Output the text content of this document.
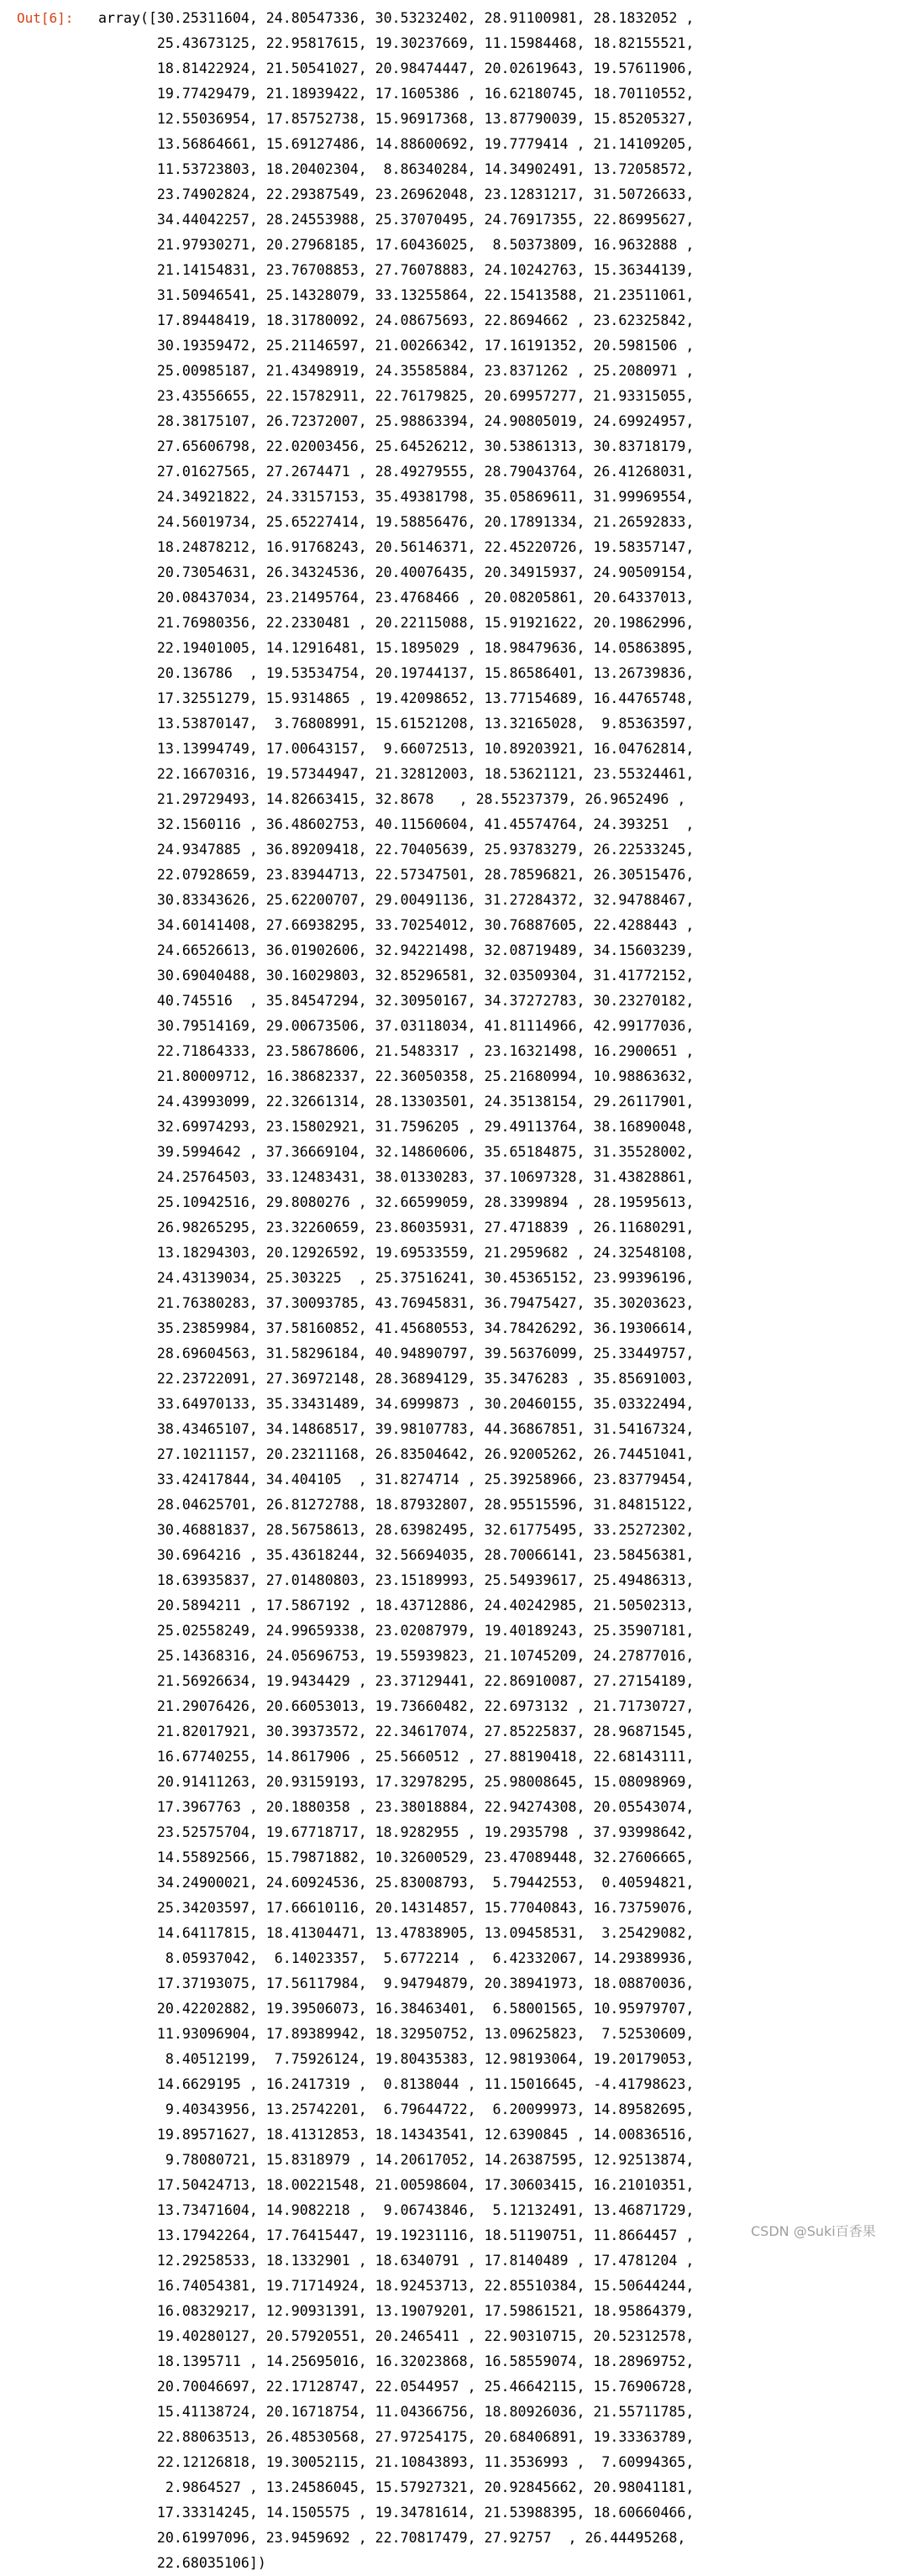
Out[6]: array([30.25311604, 24.80547336, 30.53232402, 28.91100981, 28.1832052 ,
25.43673125, 22.95817615, 19.30237669, 11.15984468, 18.82155521,
18.81422924, 21.50541027, 20.98474447, 20.02619643, 19.57611906,
19.77429479, 21.18939422, 17.1605386 , 16.62180745, 18.70110552,
12.55036954, 17.85752738, 15.96917368, 13.87790039, 15.85205327,
13.56864661, 15.69127486, 14.88600692, 19.7779414 , 21.14109205,
11.53723803, 18.20402304,  8.86340284, 14.34902491, 13.72058572,
23.74902824, 22.29387549, 23.26962048, 23.12831217, 31.50726633,
34.44042257, 28.24553988, 25.37070495, 24.76917355, 22.86995627,
21.97930271, 20.27968185, 17.60436025,  8.50373809, 16.9632888 ,
21.14154831, 23.76708853, 27.76078883, 24.10242763, 15.36344139,
31.50946541, 25.14328079, 33.13255864, 22.15413588, 21.23511061,
17.89448419, 18.31780092, 24.08675693, 22.8694662 , 23.62325842,
30.19359472, 25.21146597, 21.00266342, 17.16191352, 20.5981506 ,
25.00985187, 21.43498919, 24.35585884, 23.8371262 , 25.2080971 ,
23.43556655, 22.15782911, 22.76179825, 20.69957277, 21.93315055,
28.38175107, 26.72372007, 25.98863394, 24.90805019, 24.69924957,
27.65606798, 22.02003456, 25.64526212, 30.53861313, 30.83718179,
27.01627565, 27.2674471 , 28.49279555, 28.79043764, 26.41268031,
24.34921822, 24.33157153, 35.49381798, 35.05869611, 31.99969554,
24.56019734, 25.65227414, 19.58856476, 20.17891334, 21.26592833,
18.24878212, 16.91768243, 20.56146371, 22.45220726, 19.58357147,
20.73054631, 26.34324536, 20.40076435, 20.34915937, 24.90509154,
20.08437034, 23.21495764, 23.4768466 , 20.08205861, 20.64337013,
21.76980356, 22.2330481 , 20.22115088, 15.91921622, 20.19862996,
22.19401005, 14.12916481, 15.1895029 , 18.98479636, 14.05863895,
20.136786  , 19.53534754, 20.19744137, 15.86586401, 13.26739836,
17.32551279, 15.9314865 , 19.42098652, 13.77154689, 16.44765748,
13.53870147,  3.76808991, 15.61521208, 13.32165028,  9.85363597,
13.13994749, 17.00643157,  9.66072513, 10.89203921, 16.04762814,
22.16670316, 19.57344947, 21.32812003, 18.53621121, 23.55324461,
21.29729493, 14.82663415, 32.8678   , 28.55237379, 26.9652496 ,
32.1560116 , 36.48602753, 40.11560604, 41.45574764, 24.393251  ,
24.9347885 , 36.89209418, 22.70405639, 25.93783279, 26.22533245,
22.07928659, 23.83944713, 22.57347501, 28.78596821, 26.30515476,
30.83343626, 25.62200707, 29.00491136, 31.27284372, 32.94788467,
34.60141408, 27.66938295, 33.70254012, 30.76887605, 22.4288443 ,
24.66526613, 36.01902606, 32.94221498, 32.08719489, 34.15603239,
30.69040488, 30.16029803, 32.85296581, 32.03509304, 31.41772152,
40.745516  , 35.84547294, 32.30950167, 34.37272783, 30.23270182,
30.79514169, 29.00673506, 37.03118034, 41.81114966, 42.99177036,
22.71864333, 23.58678606, 21.5483317 , 23.16321498, 16.2900651 ,
21.80009712, 16.38682337, 22.36050358, 25.21680994, 10.98863632,
24.43993099, 22.32661314, 28.13303501, 24.35138154, 29.26117901,
32.69974293, 23.15802921, 31.7596205 , 29.49113764, 38.16890048,
39.5994642 , 37.36669104, 32.14860606, 35.65184875, 31.35528002,
24.25764503, 33.12483431, 38.01330283, 37.10697328, 31.43828861,
25.10942516, 29.8080276 , 32.66599059, 28.3399894 , 28.19595613,
26.98265295, 23.32260659, 23.86035931, 27.4718839 , 26.11680291,
13.18294303, 20.12926592, 19.69533559, 21.2959682 , 24.32548108,
24.43139034, 25.303225  , 25.37516241, 30.45365152, 23.99396196,
21.76380283, 37.30093785, 43.76945831, 36.79475427, 35.30203623,
35.23859984, 37.58160852, 41.45680553, 34.78426292, 36.19306614,
28.69604563, 31.58296184, 40.94890797, 39.56376099, 25.33449757,
22.23722091, 27.36972148, 28.36894129, 35.3476283 , 35.85691003,
33.64970133, 35.33431489, 34.6999873 , 30.20460155, 35.03322494,
38.43465107, 34.14868517, 39.98107783, 44.36867851, 31.54167324,
27.10211157, 20.23211168, 26.83504642, 26.92005262, 26.74451041,
33.42417844, 34.404105  , 31.8274714 , 25.39258966, 23.83779454,
28.04625701, 26.81272788, 18.87932807, 28.95515596, 31.84815122,
30.46881837, 28.56758613, 28.63982495, 32.61775495, 33.25272302,
30.6964216 , 35.43618244, 32.56694035, 28.70066141, 23.58456381,
18.63935837, 27.01480803, 23.15189993, 25.54939617, 25.49486313,
20.5894211 , 17.5867192 , 18.43712886, 24.40242985, 21.50502313,
25.02558249, 24.99659338, 23.02087979, 19.40189243, 25.35907181,
25.14368316, 24.05696753, 19.55939823, 21.10745209, 24.27877016,
21.56926634, 19.9434429 , 23.37129441, 22.86910087, 27.27154189,
21.29076426, 20.66053013, 19.73660482, 22.6973132 , 21.71730727,
21.82017921, 30.39373572, 22.34617074, 27.85225837, 28.96871545,
16.67740255, 14.8617906 , 25.5660512 , 27.88190418, 22.68143111,
20.91411263, 20.93159193, 17.32978295, 25.98008645, 15.08098969,
17.3967763 , 20.1880358 , 23.38018884, 22.94274308, 20.05543074,
23.52575704, 19.67718717, 18.9282955 , 19.2935798 , 37.93998642,
14.55892566, 15.79871882, 10.32600529, 23.47089448, 32.27606665,
34.24900021, 24.60924536, 25.83008793,  5.79442553,  0.40594821,
25.34203597, 17.66610116, 20.14314857, 15.77040843, 16.73759076,
14.64117815, 18.41304471, 13.47838905, 13.09458531,  3.25429082,
8.05937042,  6.14023357,  5.6772214 ,  6.42332067, 14.29389936,
17.37193075, 17.56117984,  9.94794879, 20.38941973, 18.08870036,
20.42202882, 19.39506073, 16.38463401,  6.58001565, 10.95979707,
11.93096904, 17.89389942, 18.32950752, 13.09625823,  7.52530609,
8.40512199,  7.75926124, 19.80435383, 12.98193064, 19.20179053,
14.6629195 , 16.2417319 ,  0.8138044 , 11.15016645, -4.41798623,
9.40343956, 13.25742201,  6.79644722,  6.20099973, 14.89582695,
19.89571627, 18.41312853, 18.14343541, 12.6390845 , 14.00836516,
9.78080721, 15.8318979 , 14.20617052, 14.26387595, 12.92513874,
17.50424713, 18.00221548, 21.00598604, 17.30603415, 16.21010351,
13.73471604, 14.9082218 ,  9.06743846,  5.12132491, 13.46871729,
13.17942264, 17.76415447, 19.19231116, 18.51190751, 11.8664457 ,
12.29258533, 18.1332901 , 18.6340791 , 17.8140489 , 17.4781204 ,
16.74054381, 19.71714924, 18.92453713, 22.85510384, 15.50644244,
16.08329217, 12.90931391, 13.19079201, 17.59861521, 18.95864379,
19.40280127, 20.57920551, 20.2465411 , 22.90310715, 20.52312578,
18.1395711 , 14.25695016, 16.32023868, 16.58559074, 18.28969752,
20.70046697, 22.17128747, 22.0544957 , 25.46642115, 15.76906728,
15.41138724, 20.16718754, 11.04366756, 18.80926036, 21.55711785,
22.88063513, 26.48530568, 27.97254175, 20.68406891, 19.33363789,
22.12126818, 19.30052115, 21.10843893, 11.3536993 ,  7.60994365,
2.9864527 , 13.24586045, 15.57927321, 20.92845662, 20.98041181,
17.33314245, 14.1505575 , 19.34781614, 21.53988395, 18.60660466,
20.61997096, 23.9459692 , 22.70817479, 27.92757  , 26.44495268,
22.68035106])
CSDN @Suki百香果
